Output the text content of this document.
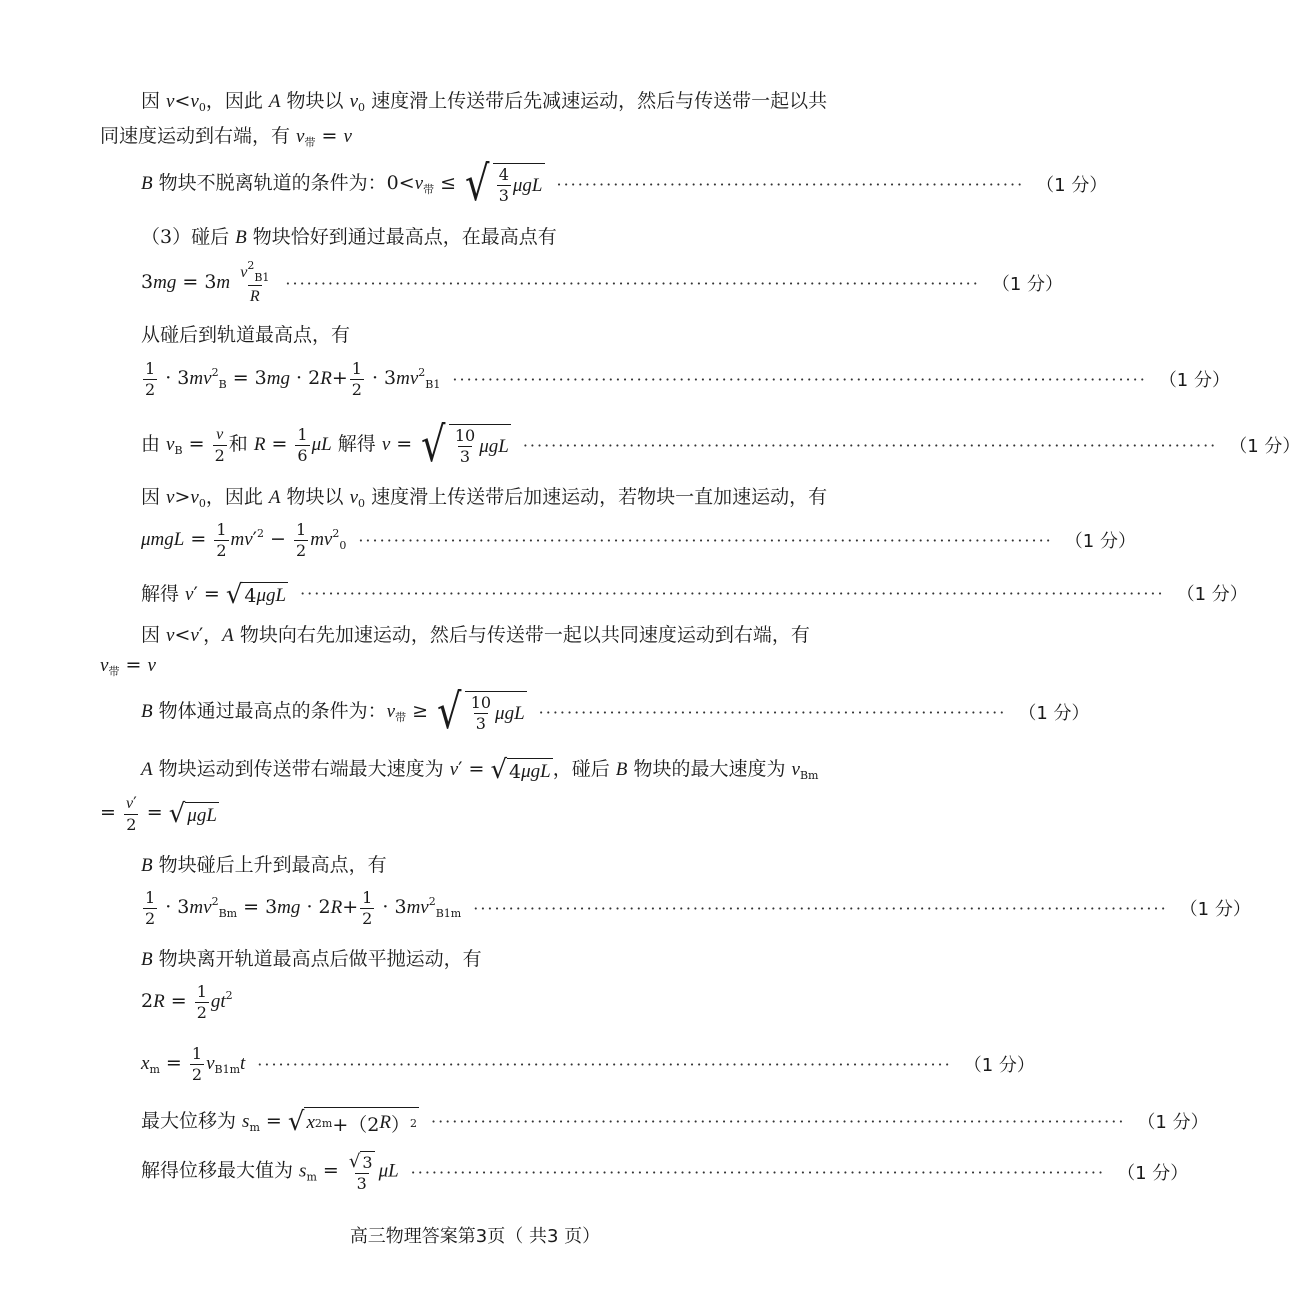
因 $v<v_0$，因此 A 物块以 $v_0$ 速度滑上传送带后先减速运动，然后与传送带一起以共
同速度运动到右端，有 $v_带 = v$
B 物块不脱离轨道的条件为：$0<v_带$ ≤ √ $\frac{4}{3}$ μgL ·································································· （1 分）
（3）碰后 B 物块恰好到通过最高点，在最高点有
$3mg = 3m \frac{v^2_{B1}}{R}$ ·································································································· （1 分）
从碰后到轨道最高点，有
$\frac{1}{2} \cdot 3mv^2_B = 3mg \cdot 2R+ \frac{1}{2} \cdot 3mv^2_{B1}$ ·································································································· （1 分）
由 $v_B = \frac{v}{2}$ 和 $R = \frac{1}{6}$ μL 解得 v = √ $\frac{10}{3}$ μgL ·································································································· （1 分）
因 $v>v_0$，因此 A 物块以 $v_0$ 速度滑上传送带后加速运动，若物块一直加速运动，有
$\mu mgL = \frac{1}{2} mv'^2 - \frac{1}{2} mv^2_0$ ·································································································· （1 分）
解得 v′ = √ 4 μgL ·························································································································· （1 分）
因 v<v′，A 物块向右先加速运动，然后与传送带一起以共同速度运动到右端，有
$v_带 = v$
B 物体通过最高点的条件为：$v_带$ ≥ √ $\frac{10}{3}$ μgL ·································································· （1 分）
A 物块运动到传送带右端最大速度为 v′ = √ 4 μgL ，碰后 B 物块的最大速度为 $v_{Bm}$
= $\frac{v'}{2}$ = √ μgL
B 物块碰后上升到最高点，有
$\frac{1}{2} \cdot 3mv^2_{Bm} = 3mg \cdot 2R+ \frac{1}{2} \cdot 3mv^2_{B1m}$ ·································································································· （1 分）
B 物块离开轨道最高点后做平抛运动，有
$2R = \frac{1}{2} gt^2$
$x_m = \frac{1}{2} v_{B1m}t$ ·································································································· （1 分）
最大位移为 $s_m$ = √ x 2 m +（2 R ） 2 ·································································································· （1 分）
解得位移最大值为 $s_m = \frac{√ 3}{3}$ μL ·································································································· （1 分）
高三物理答案第3页（ 共3 页）
